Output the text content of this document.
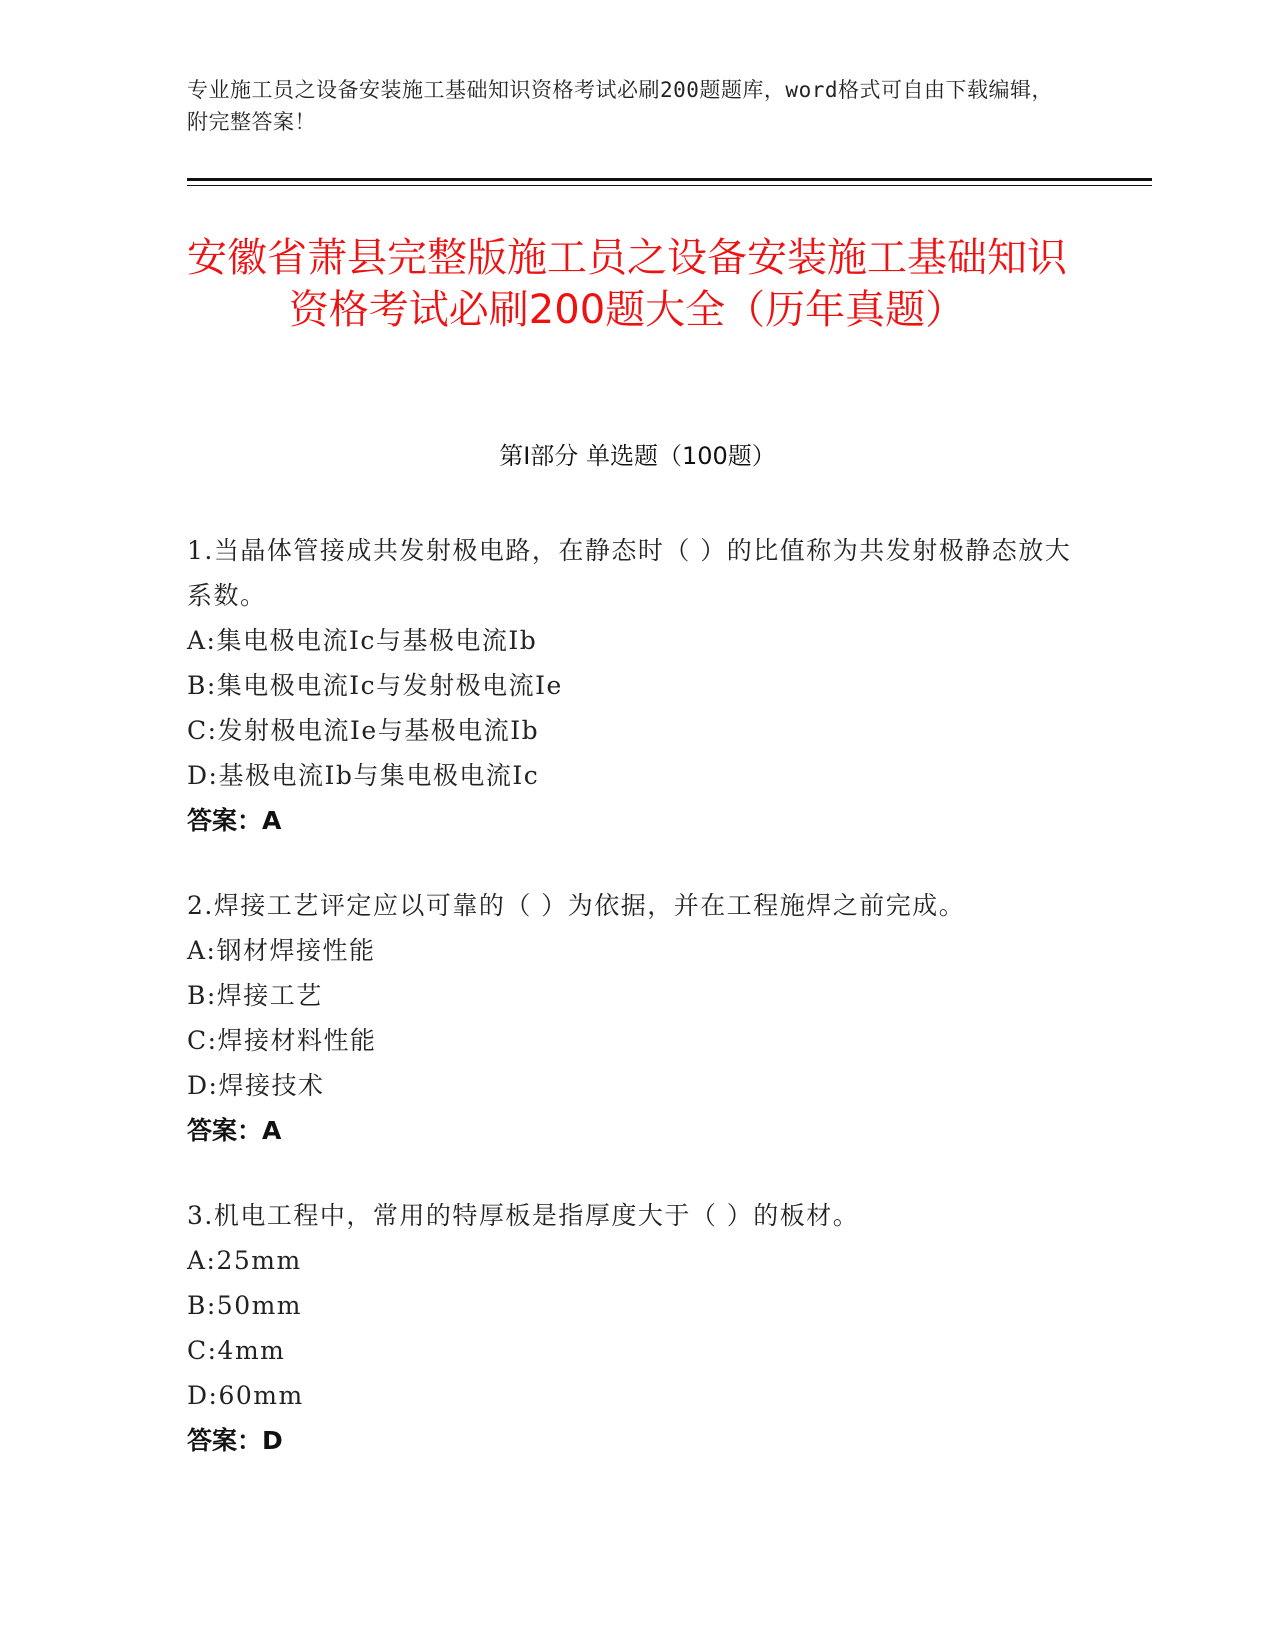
专业施工员之设备安装施工基础知识资格考试必刷200题题库，word格式可自由下载编辑，附完整答案！
安徽省萧县完整版施工员之设备安装施工基础知识资格考试必刷200题大全（历年真题）
第I部分 单选题（100题）
1.当晶体管接成共发射极电路，在静态时（ ）的比值称为共发射极静态放大系数。
A:集电极电流Ic与基极电流Ib
B:集电极电流Ic与发射极电流Ie
C:发射极电流Ie与基极电流Ib
D:基极电流Ib与集电极电流Ic
答案：A
2.焊接工艺评定应以可靠的（ ）为依据，并在工程施焊之前完成。
A:钢材焊接性能
B:焊接工艺
C:焊接材料性能
D:焊接技术
答案：A
3.机电工程中，常用的特厚板是指厚度大于（ ）的板材。
A:25mm
B:50mm
C:4mm
D:60mm
答案：D
